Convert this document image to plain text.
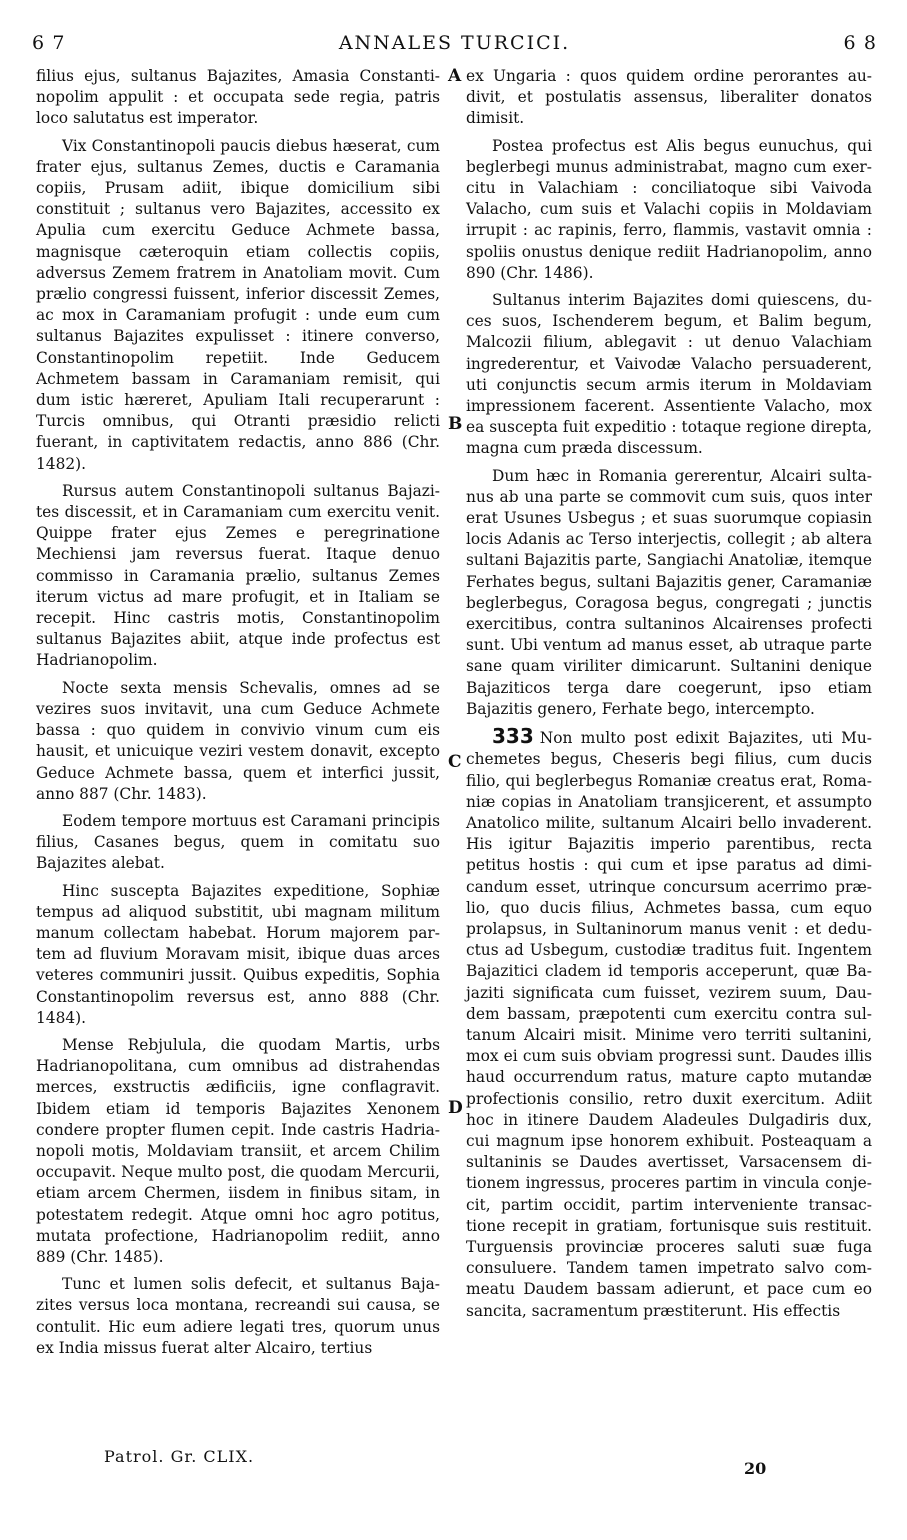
6 7	ANNALES TURCICI.	6 8

filius ejus, sultanus Bajazites, Amasia Constantinopolim appulit : et occupata sede regia, patris loco salutatus est imperator.

Vix Constantinopoli paucis diebus hæserat, cum frater ejus, sultanus Zemes, ductis e Caramania copiis, Prusam adiit, ibique domicilium sibi constituit ; sultanus vero Bajazites, accessito ex Apulia cum exercitu Geduce Achmete bassa, magnisque cæteroquin etiam collectis copiis, adversus Zemem fratrem in Anatoliam movit. Cum prælio congressi fuissent, inferior discessit Zemes, ac mox in Caramaniam profugit : unde eum cum sultanus Bajazites expulisset : itinere converso, Constantinopolim repetiit. Inde Geducem Achmetem bassam in Caramaniam remisit, qui dum istic hæreret, Apuliam Itali recuperarunt : Turcis omnibus, qui Otranti præsidio relicti fuerant, in captivitatem redactis, anno 886 (Chr. 1482).

Rursus autem Constantinopoli sultanus Bajazites discessit, et in Caramaniam cum exercitu venit. Quippe frater ejus Zemes e peregrinatione Mechiensi jam reversus fuerat. Itaque denuo commisso in Caramania prælio, sultanus Zemes iterum victus ad mare profugit, et in Italiam se recepit. Hinc castris motis, Constantinopolim sultanus Bajazites abiit, atque inde profectus est Hadrianopolim.

Nocte sexta mensis Schevalis, omnes ad se vezires suos invitavit, una cum Geduce Achmete bassa : quo quidem in convivio vinum cum eis hausit, et unicuique veziri vestem donavit, excepto Geduce Achmete bassa, quem et interfici jussit, anno 887 (Chr. 1483).

Eodem tempore mortuus est Caramani principis filius, Casanes begus, quem in comitatu suo Bajazites alebat.

Hinc suscepta Bajazites expeditione, Sophiæ tempus ad aliquod substitit, ubi magnam militum manum collectam habebat. Horum majorem partem ad fluvium Moravam misit, ibique duas arces veteres communiri jussit. Quibus expeditis, Sophia Constantinopolim reversus est, anno 888 (Chr. 1484).

Mense Rebjulula, die quodam Martis, urbs Hadrianopolitana, cum omnibus ad distrahendas merces, exstructis ædificiis, igne conflagravit. Ibidem etiam id temporis Bajazites Xenonem condere propter flumen cepit. Inde castris Hadrianopoli motis, Moldaviam transiit, et arcem Chilim occupavit. Neque multo post, die quodam Mercurii, etiam arcem Chermen, iisdem in finibus sitam, in potestatem redegit. Atque omni hoc agro potitus, mutata profectione, Hadrianopolim rediit, anno 889 (Chr. 1485).

Tunc et lumen solis defecit, et sultanus Bajazites versus loca montana, recreandi sui causa, se contulit. Hic eum adiere legati tres, quorum unus ex India missus fuerat alter Alcairo, tertius

A
B
C
D

ex Ungaria : quos quidem ordine perorantes audivit, et postulatis assensus, liberaliter donatos dimisit.

Postea profectus est Alis begus eunuchus, qui beglerbegi munus administrabat, magno cum exercitu in Valachiam : conciliatoque sibi Vaivoda Valacho, cum suis et Valachi copiis in Moldaviam irrupit : ac rapinis, ferro, flammis, vastavit omnia : spoliis onustus denique rediit Hadrianopolim, anno 890 (Chr. 1486).

Sultanus interim Bajazites domi quiescens, duces suos, Ischenderem begum, et Balim begum, Malcozii filium, ablegavit : ut denuo Valachiam ingrederentur, et Vaivodæ Valacho persuaderent, uti conjunctis secum armis iterum in Moldaviam impressionem facerent. Assentiente Valacho, mox ea suscepta fuit expeditio : totaque regione direpta, magna cum præda discessum.

Dum hæc in Romania gererentur, Alcairi sultanus ab una parte se commovit cum suis, quos inter erat Usunes Usbegus ; et suas suorumque copiasin locis Adanis ac Terso interjectis, collegit ; ab altera sultani Bajazitis parte, Sangiachi Anatoliæ, itemque Ferhates begus, sultani Bajazitis gener, Caramaniæ beglerbegus, Coragosa begus, congregati ; junctis exercitibus, contra sultaninos Alcairenses profecti sunt. Ubi ventum ad manus esset, ab utraque parte sane quam viriliter dimicarunt. Sultanini denique Bajaziticos terga dare coegerunt, ipso etiam Bajazitis genero, Ferhate bego, intercempto.

333 Non multo post edixit Bajazites, uti Muchemetes begus, Cheseris begi filius, cum ducis filio, qui beglerbegus Romaniæ creatus erat, Romaniæ copias in Anatoliam transjicerent, et assumpto Anatolico milite, sultanum Alcairi bello invaderent. His igitur Bajazitis imperio parentibus, recta petitus hostis : qui cum et ipse paratus ad dimicandum esset, utrinque concursum acerrimo prælio, quo ducis filius, Achmetes bassa, cum equo prolapsus, in Sultaninorum manus venit : et deductus ad Usbegum, custodiæ traditus fuit. Ingentem Bajazitici cladem id temporis acceperunt, quæ Bajaziti significata cum fuisset, vezirem suum, Daudem bassam, præpotenti cum exercitu contra sultanum Alcairi misit. Minime vero territi sultanini, mox ei cum suis obviam progressi sunt. Daudes illis haud occurrendum ratus, mature capto mutandæ profectionis consilio, retro duxit exercitum. Adiit hoc in itinere Daudem Aladeules Dulgadiris dux, cui magnum ipse honorem exhibuit. Posteaquam a sultaninis se Daudes avertisset, Varsacensem ditionem ingressus, proceres partim in vincula conjecit, partim occidit, partim interveniente transactione recepit in gratiam, fortunisque suis restituit. Turguensis provinciæ proceres saluti suæ fuga consuluere. Tandem tamen impetrato salvo commeatu Daudem bassam adierunt, et pace cum eo sancita, sacramentum præstiterunt. His effectis

Patrol. Gr. CLIX.
20
